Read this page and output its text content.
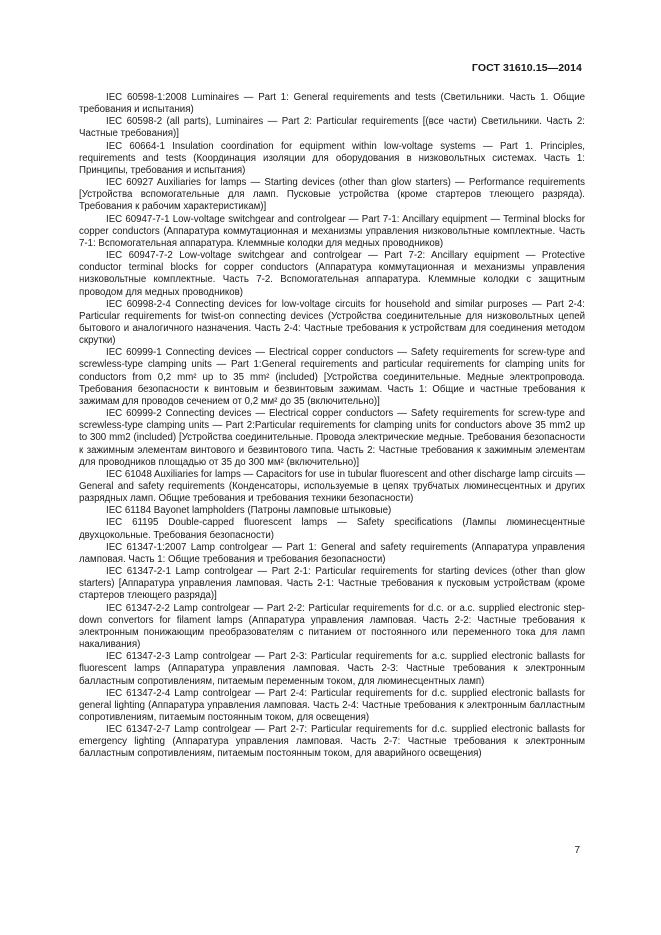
ГОСТ 31610.15—2014

IEC 60598-1:2008 Luminaires — Part 1: General requirements and tests (Светильники. Часть 1. Общие требования и испытания)

IEC 60598-2 (all parts), Luminaires — Part 2: Particular requirements [(все части) Светильники. Часть 2: Частные требования)]

IEC 60664-1 Insulation coordination for equipment within low-voltage systems — Part 1. Principles, requirements and tests (Координация изоляции для оборудования в низковольтных системах. Часть 1: Принципы, требования и испытания)

IEC 60927 Auxiliaries for lamps — Starting devices (other than glow starters) — Performance requirements [Устройства вспомогательные для ламп. Пусковые устройства (кроме стартеров тлеющего разряда). Требования к рабочим характеристикам)]

IEC 60947-7-1 Low-voltage switchgear and controlgear — Part 7-1: Ancillary equipment — Terminal blocks for copper conductors (Аппаратура коммутационная и механизмы управления низковольтные комплектные. Часть 7-1: Вспомогательная аппаратура. Клеммные колодки для медных проводников)

IEC 60947-7-2 Low-voltage switchgear and controlgear — Part 7-2: Ancillary equipment — Protective conductor terminal blocks for copper conductors (Аппаратура коммутационная и механизмы управления низковольтные комплектные. Часть 7-2. Вспомогательная аппаратура. Клеммные колодки с защитным проводом для медных проводников)

IEC 60998-2-4 Connecting devices for low-voltage circuits for household and similar purposes — Part 2-4: Particular requirements for twist-on connecting devices (Устройства соединительные для низковольтных цепей бытового и аналогичного назначения. Часть 2-4: Частные требования к устройствам для соединения методом скрутки)

IEC 60999-1 Connecting devices — Electrical copper conductors — Safety requirements for screw-type and screwless-type clamping units — Part 1:General requirements and particular requirements for clamping units for conductors from 0,2 mm² up to 35 mm² (included) [Устройства соединительные. Медные электропровода. Требования безопасности к винтовым и безвинтовым зажимам. Часть 1: Общие и частные требования к зажимам для проводов сечением от 0,2 мм² до 35 (включительно)]

IEC 60999-2 Connecting devices — Electrical copper conductors — Safety requirements for screw-type and screwless-type clamping units — Part 2:Particular requirements for clamping units for conductors above 35 mm2 up to 300 mm2 (included) [Устройства соединительные. Провода электрические медные. Требования безопасности к зажимным элементам винтового и безвинтового типа. Часть 2: Частные требования к зажимным элементам для проводников площадью от 35 до 300 мм² (включительно)]

IEC 61048 Auxiliaries for lamps — Capacitors for use in tubular fluorescent and other discharge lamp circuits — General and safety requirements (Конденсаторы, используемые в цепях трубчатых люминесцентных и других разрядных ламп. Общие требования и требования техники безопасности)

IEC 61184 Bayonet lampholders (Патроны ламповые штыковые)

IEC 61195 Double-capped fluorescent lamps — Safety specifications (Лампы люминесцентные двухцокольные. Требования безопасности)

IEC 61347-1:2007 Lamp controlgear — Part 1: General and safety requirements (Аппаратура управления ламповая. Часть 1: Общие требования и требования безопасности)

IEC 61347-2-1 Lamp controlgear — Part 2-1: Particular requirements for starting devices (other than glow starters) [Аппаратура управления ламповая. Часть 2-1: Частные требования к пусковым устройствам (кроме стартеров тлеющего разряда)]

IEC 61347-2-2 Lamp controlgear — Part 2-2: Particular requirements for d.c. or a.c. supplied electronic step-down convertors for filament lamps (Аппаратура управления ламповая. Часть 2-2: Частные требования к электронным понижающим преобразователям с питанием от постоянного или переменного тока для ламп накаливания)

IEC 61347-2-3 Lamp controlgear — Part 2-3: Particular requirements for a.c. supplied electronic ballasts for fluorescent lamps (Аппаратура управления ламповая. Часть 2-3: Частные требования к электронным балластным сопротивлениям, питаемым переменным током, для люминесцентных ламп)

IEC 61347-2-4 Lamp controlgear — Part 2-4: Particular requirements for d.c. supplied electronic ballasts for general lighting (Аппаратура управления ламповая. Часть 2-4: Частные требования к электронным балластным сопротивлениям, питаемым постоянным током, для освещения)

IEC 61347-2-7 Lamp controlgear — Part 2-7: Particular requirements for d.c. supplied electronic ballasts for emergency lighting (Аппаратура управления ламповая. Часть 2-7: Частные требования к электронным балластным сопротивлениям, питаемым постоянным током, для аварийного освещения)

7
